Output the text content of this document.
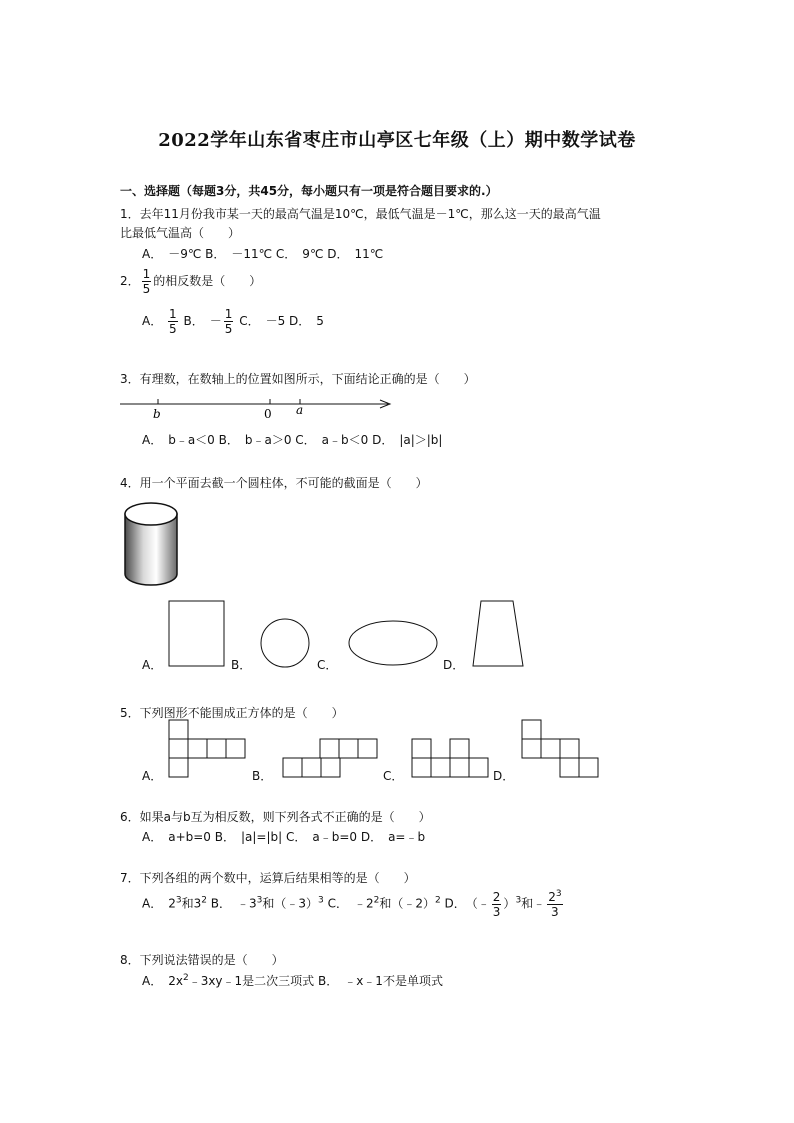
2022学年山东省枣庄市山亭区七年级（上）期中数学试卷
一、选择题（每题3分，共45分，每小题只有一项是符合题目要求的.）
1．去年11月份我市某一天的最高气温是10℃，最低气温是－1℃，那么这一天的最高气温
比最低气温高（　　）
A．　－9℃ B．　－11℃ C．　9℃ D．　11℃
2． $\frac{1}{5}$ 的相反数是（　　）
A． $\frac{1}{5}$ B．　－ $\frac{1}{5}$ C．　－5 D．　5
3．有理数，在数轴上的位置如图所示，下面结论正确的是（　　）
b	0 a
A．　b﹣a＜0 B．　b﹣a＞0 C．　a﹣b＜0 D．　|a|＞|b|
4．用一个平面去截一个圆柱体，不可能的截面是（　　）
A．	B．	C．	D．
5．下列图形不能围成正方体的是（　　）
A．	B．	C．	D．
6．如果a与b互为相反数，则下列各式不正确的是（　　）
A．　a+b=0 B．　|a|=|b| C．　a﹣b=0 D．　a=﹣b
7．下列各组的两个数中，运算后结果相等的是（　　）
A．　$2^3$和$3^2$ B．　$﹣3^3$和（﹣3）$^3$ C．　$﹣2^2$和（﹣2）$^2$ D．　（﹣ $\frac{2}{3} )^3$和﹣ $\frac{2^3}{3}$
8．下列说法错误的是（　　）
A．　$2x^2﹣3xy﹣1$是二次三项式 B．　﹣x﹣1不是单项式
